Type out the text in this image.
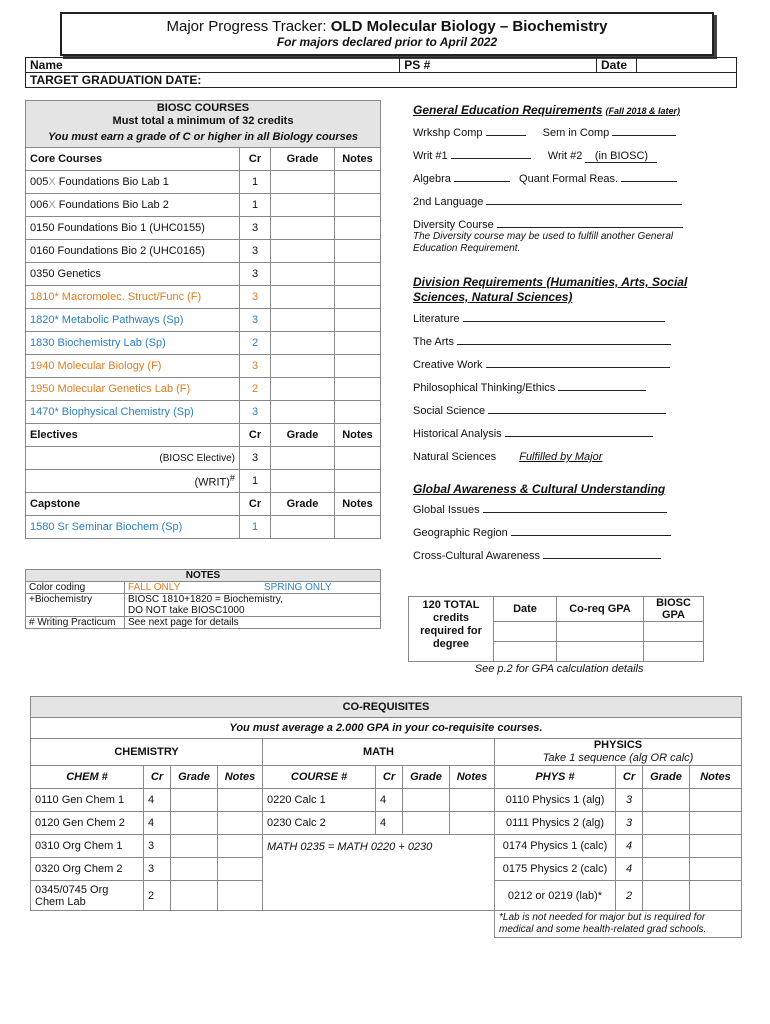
Major Progress Tracker: OLD Molecular Biology – Biochemistry
For majors declared prior to April 2022
Name	PS #	Date	
TARGET GRADUATION DATE:
BIOSC COURSES			
Must total a minimum of 32 credits			
You must earn a grade of C or higher in all Biology courses			
Core Courses	Cr	Grade	Notes
005X Foundations Bio Lab 1	1		
006X Foundations Bio Lab 2	1		
0150 Foundations Bio 1 (UHC0155)	3		
0160 Foundations Bio 2 (UHC0165)	3		
0350 Genetics	3		
1810* Macromolec. Struct/Func (F)	3		
1820* Metabolic Pathways (Sp)	3		
1830 Biochemistry Lab (Sp)	2		
1940 Molecular Biology (F)	3		
1950 Molecular Genetics Lab (F)	2		
1470* Biophysical Chemistry (Sp)	3		
Electives	Cr	Grade	Notes
(BIOSC Elective)	3		
(WRIT)#	1		
Capstone	Cr	Grade	Notes
1580 Sr Seminar Biochem (Sp)	1		
NOTES		
Color coding	FALL ONLY	SPRING ONLY
+Biochemistry	BIOSC 1810+1820 = Biochemistry,
DO NOT take BIOSC1000	

# Writing Practicum	See next page for details	
General Education Requirements (Fall 2018 & later)
Wrkshp Comp	Sem in Comp
Writ #1	Writ #2 (in BIOSC)
Algebra	Quant Formal Reas.
2nd Language
Diversity Course
The Diversity course may be used to fulfill another General Education Requirement.
Division Requirements (Humanities, Arts, Social Sciences, Natural Sciences)
Literature
The Arts
Creative Work
Philosophical Thinking/Ethics
Social Science
Historical Analysis
Natural Sciences Fulfilled by Major
Global Awareness & Cultural Understanding
Global Issues
Geographic Region
Cross-Cultural Awareness
120 TOTAL credits required for degree	Date	Co-req GPA	BIOSC GPA

See p.2 for GPA calculation details			
CO-REQUISITES											
You must average a 2.000 GPA in your co-requisite courses.											
CHEMISTRY				MATH				PHYSICS
Take 1 sequence (alg OR calc)			

CHEM #	Cr	Grade	Notes	COURSE #	Cr	Grade	Notes	PHYS #	Cr	Grade	Notes
0110 Gen Chem 1	4			0220 Calc 1	4			0110 Physics 1 (alg)	3		
0120 Gen Chem 2	4			0230 Calc 2	4			0111 Physics 2 (alg)	3		
0310 Org Chem 1	3			MATH 0235 = MATH 0220 + 0230				0174 Physics 1 (calc)	4		
0320 Org Chem 2	3							0175 Physics 2 (calc)	4		
0345/0745 Org Chem Lab	2							0212 or 0219 (lab)*	2		
								*Lab is not needed for major but is required for medical and some health-related grad schools.			
